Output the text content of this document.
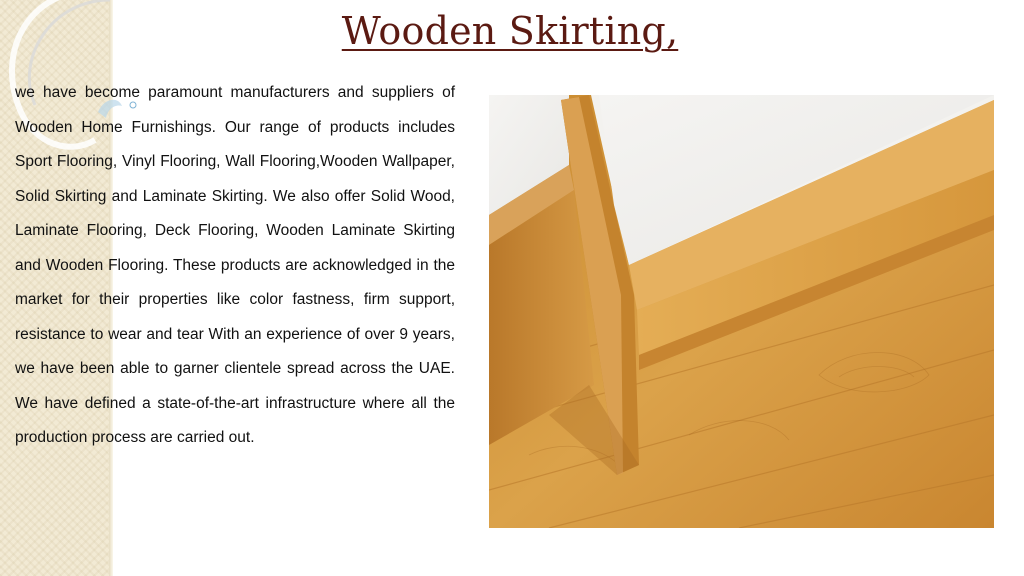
Wooden Skirting,

we have become paramount manufacturers and suppliers of Wooden Home Furnishings. Our range of products includes Sport Flooring, Vinyl Flooring, Wall Flooring,Wooden Wallpaper, Solid Skirting and Laminate Skirting. We also offer Solid Wood, Laminate Flooring, Deck Flooring, Wooden Laminate Skirting and Wooden Flooring. These products are acknowledged in the market for their properties like color fastness, firm support, resistance to wear and tear With an experience of over 9 years, we have been able to garner clientele spread across the UAE. We have defined a state-of-the-art infrastructure where all the production process are carried out.
